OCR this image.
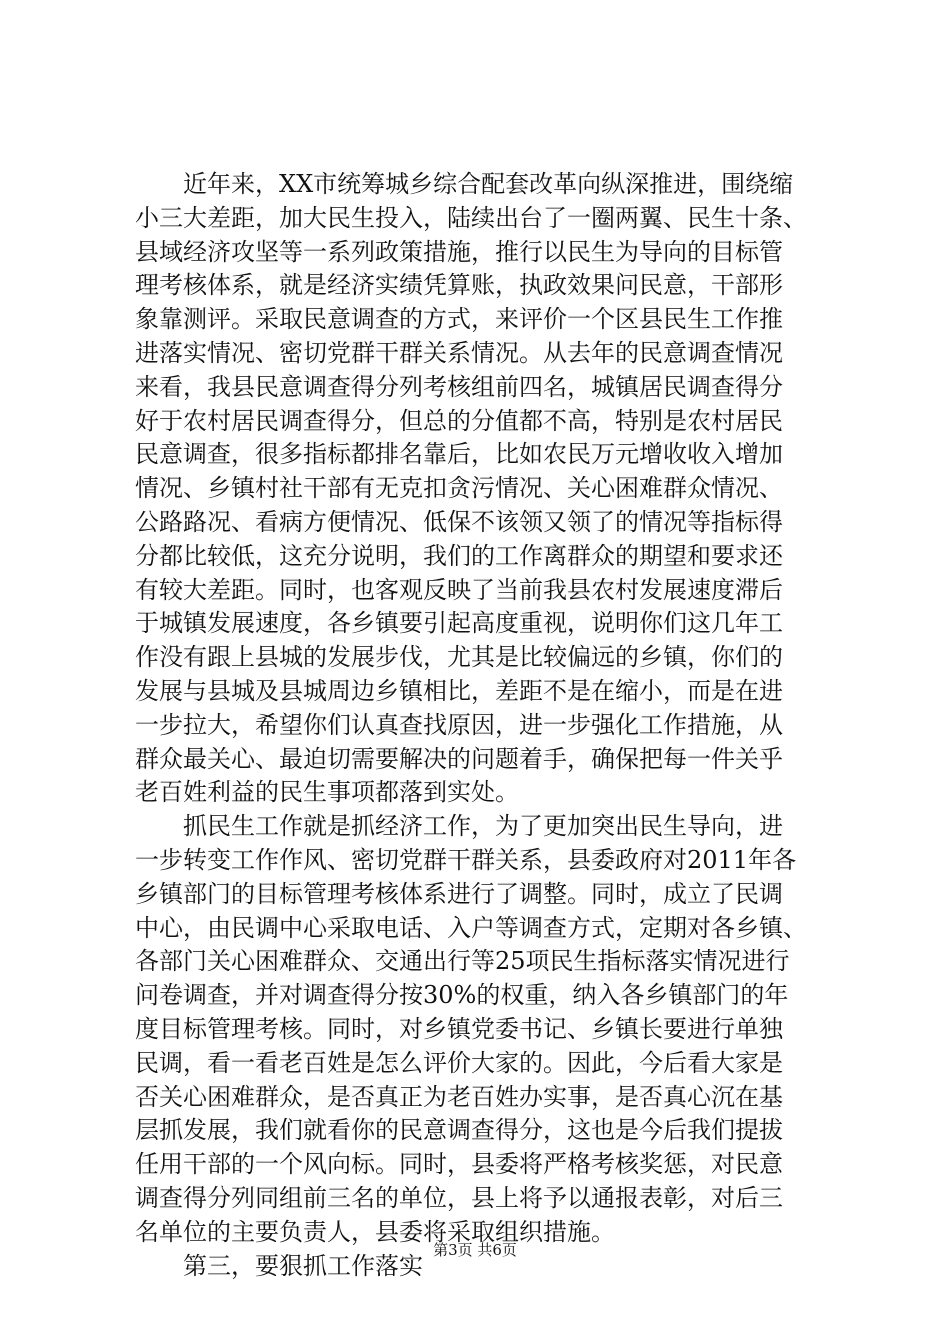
近年来，XX市统筹城乡综合配套改革向纵深推进，围绕缩
小三大差距，加大民生投入，陆续出台了一圈两翼、民生十条、
县域经济攻坚等一系列政策措施，推行以民生为导向的目标管
理考核体系，就是经济实绩凭算账，执政效果问民意，干部形
象靠测评。采取民意调查的方式，来评价一个区县民生工作推
进落实情况、密切党群干群关系情况。从去年的民意调查情况
来看，我县民意调查得分列考核组前四名，城镇居民调查得分
好于农村居民调查得分，但总的分值都不高，特别是农村居民
民意调查，很多指标都排名靠后，比如农民万元增收收入增加
情况、乡镇村社干部有无克扣贪污情况、关心困难群众情况、
公路路况、看病方便情况、低保不该领又领了的情况等指标得
分都比较低，这充分说明，我们的工作离群众的期望和要求还
有较大差距。同时，也客观反映了当前我县农村发展速度滞后
于城镇发展速度，各乡镇要引起高度重视，说明你们这几年工
作没有跟上县城的发展步伐，尤其是比较偏远的乡镇，你们的
发展与县城及县城周边乡镇相比，差距不是在缩小，而是在进
一步拉大，希望你们认真查找原因，进一步强化工作措施，从
群众最关心、最迫切需要解决的问题着手，确保把每一件关乎
老百姓利益的民生事项都落到实处。
抓民生工作就是抓经济工作，为了更加突出民生导向，进
一步转变工作作风、密切党群干群关系，县委政府对2011年各
乡镇部门的目标管理考核体系进行了调整。同时，成立了民调
中心，由民调中心采取电话、入户等调查方式，定期对各乡镇、
各部门关心困难群众、交通出行等25项民生指标落实情况进行
问卷调查，并对调查得分按30%的权重，纳入各乡镇部门的年
度目标管理考核。同时，对乡镇党委书记、乡镇长要进行单独
民调，看一看老百姓是怎么评价大家的。因此，今后看大家是
否关心困难群众，是否真正为老百姓办实事，是否真心沉在基
层抓发展，我们就看你的民意调查得分，这也是今后我们提拔
任用干部的一个风向标。同时，县委将严格考核奖惩，对民意
调查得分列同组前三名的单位，县上将予以通报表彰，对后三
名单位的主要负责人，县委将采取组织措施。
第三，要狠抓工作落实
第3页 共6页
